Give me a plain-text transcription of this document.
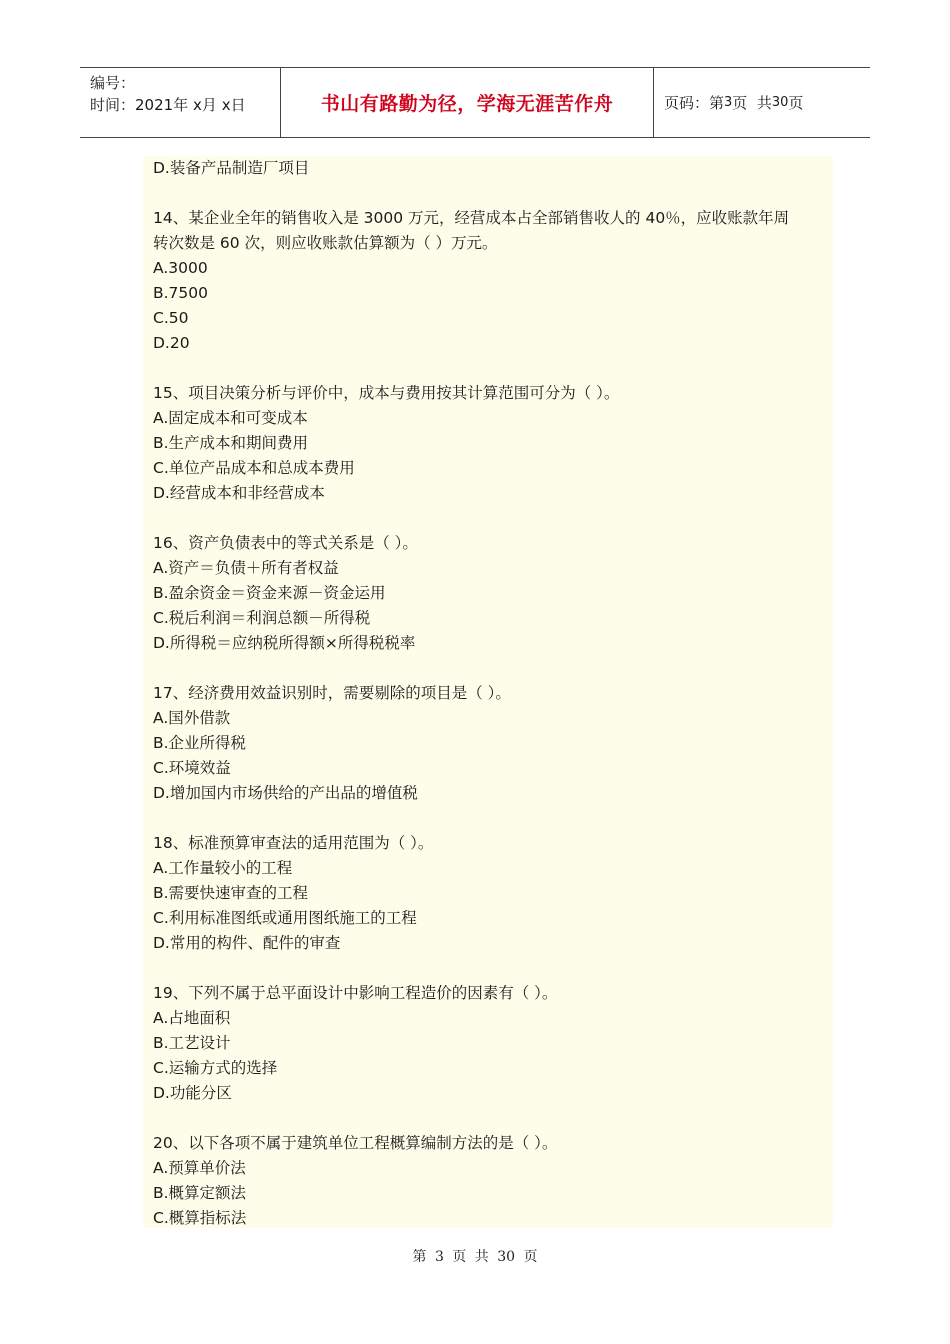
编号：
时间：2021年 x月 x日	书山有路勤为径，学海无涯苦作舟	页码：第 3 页  共 30 页
D.装备产品制造厂项目
14、某企业全年的销售收入是 3000 万元，经营成本占全部销售收人的 40％，应收账款年周
转次数是 60 次，则应收账款估算额为（ ）万元。
A.3000
B.7500
C.50
D.20
15、项目决策分析与评价中，成本与费用按其计算范围可分为（ ）。
A.固定成本和可变成本
B.生产成本和期间费用
C.单位产品成本和总成本费用
D.经营成本和非经营成本
16、资产负债表中的等式关系是（ ）。
A.资产＝负债＋所有者权益
B.盈余资金＝资金来源－资金运用
C.税后利润＝利润总额－所得税
D.所得税＝应纳税所得额×所得税税率
17、经济费用效益识别时，需要剔除的项目是（ ）。
A.国外借款
B.企业所得税
C.环境效益
D.增加国内市场供给的产出品的增值税
18、标准预算审查法的适用范围为（ ）。
A.工作量较小的工程
B.需要快速审查的工程
C.利用标准图纸或通用图纸施工的工程
D.常用的构件、配件的审查
19、下列不属于总平面设计中影响工程造价的因素有（ ）。
A.占地面积
B.工艺设计
C.运输方式的选择
D.功能分区
20、以下各项不属于建筑单位工程概算编制方法的是（ ）。
A.预算单价法
B.概算定额法
C.概算指标法
第 3 页 共 30 页
